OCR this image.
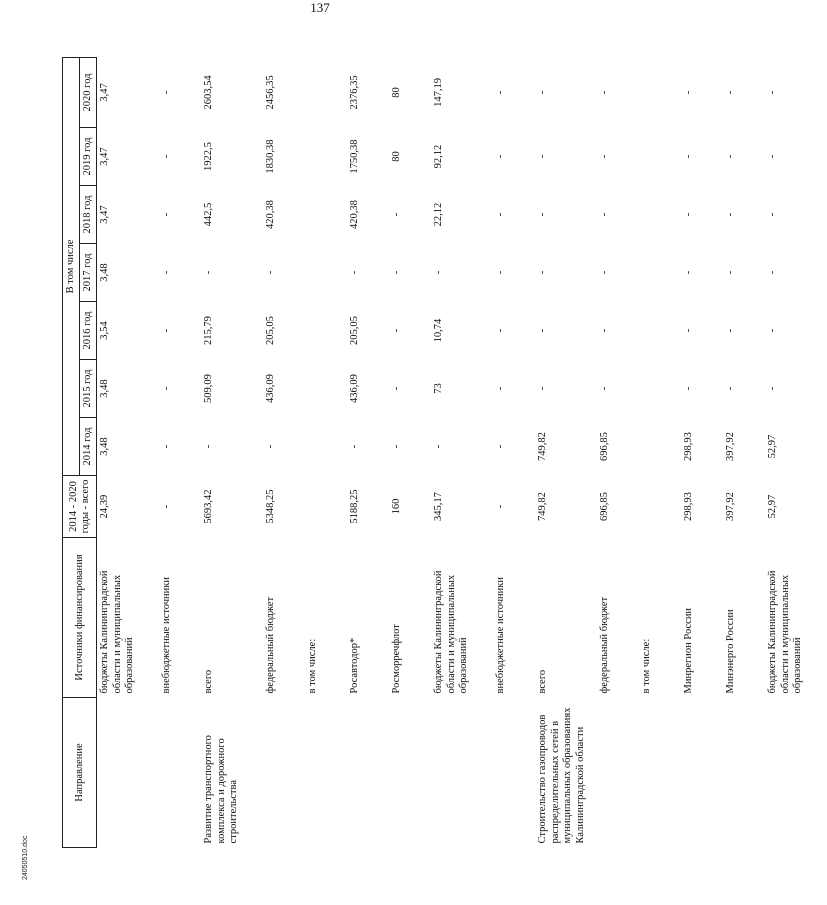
137
Направление	Источники финансирования	2014 - 2020 годы - всего	В том числе						
			2014 год	2015 год	2016 год	2017 год	2018 год	2019 год	2020 год
	бюджеты Калининградской области и муниципальных образований	24,39	3,48	3,48	3,54	3,48	3,47	3,47	3,47
	внебюджетные источники	-	-	-	-	-	-	-	-
Развитие транспортного комплекса и дорожного строительства	всего	5693,42	-	509,09	215,79	-	442,5	1922,5	2603,54
	федеральный бюджет	5348,25	-	436,09	205,05	-	420,38	1830,38	2456,35
	в том числе:								
	Росавтодор*	5188,25	-	436,09	205,05	-	420,38	1750,38	2376,35
	Росморречфлот	160	-	-	-	-	-	80	80
	бюджеты Калининградской области и муниципальных образований	345,17	-	73	10,74	-	22,12	92,12	147,19
	внебюджетные источники	-	-	-	-	-	-	-	-
Строительство газопроводов распределительных сетей в муниципальных образованиях Калининградской области	всего	749,82	749,82	-	-	-	-	-	-
	федеральный бюджет	696,85	696,85	-	-	-	-	-	-
	в том числе:								
	Минрегион России	298,93	298,93	-	-	-	-	-	-
	Минэнерго России	397,92	397,92	-	-	-	-	-	-
	бюджеты Калининградской области и муниципальных образований	52,97	52,97	-	-	-	-	-	-
24050510.doc
